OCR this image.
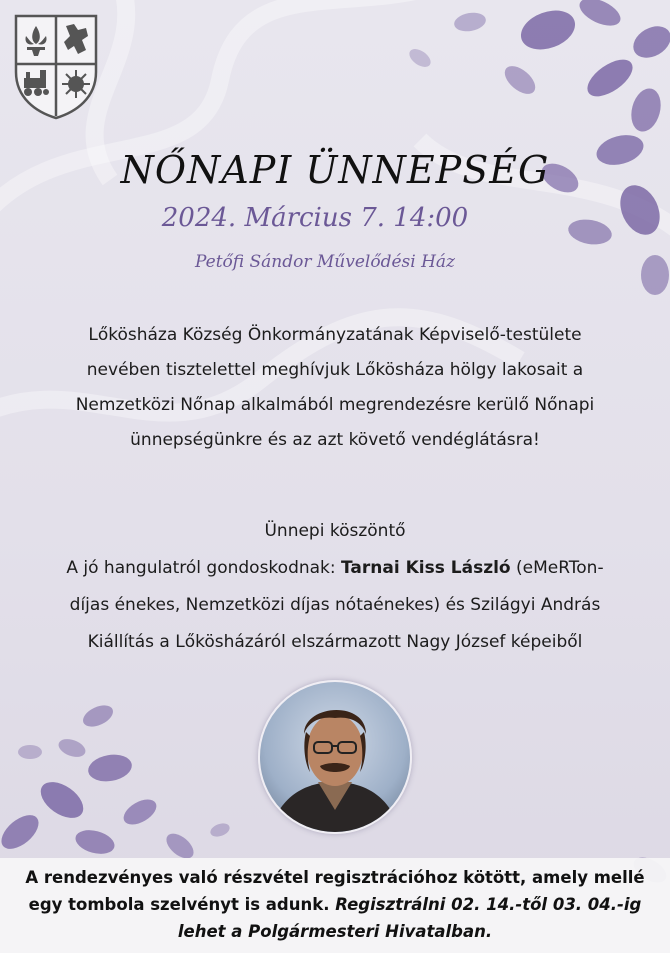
NŐNAPI ÜNNEPSÉG
2024. Március 7. 14:00
Petőfi Sándor Művelődési Ház
Lőkösháza Község Önkormányzatának Képviselő-testülete
nevében tisztelettel meghívjuk Lőkösháza hölgy lakosait a
Nemzetközi Nőnap alkalmából megrendezésre kerülő Nőnapi
ünnepségünkre és az azt követő vendéglátásra!
Ünnepi köszöntő
A jó hangulatról gondoskodnak: Tarnai Kiss László (eMeRTon-
díjas énekes, Nemzetközi díjas nótaénekes) és Szilágyi András
Kiállítás a Lőkösházáról elszármazott Nagy József képeiből
A rendezvényes való részvétel regisztrációhoz kötött, amely mellé
egy tombola szelvényt is adunk. Regisztrálni 02. 14.-től 03. 04.-ig
lehet a Polgármesteri Hivatalban.
